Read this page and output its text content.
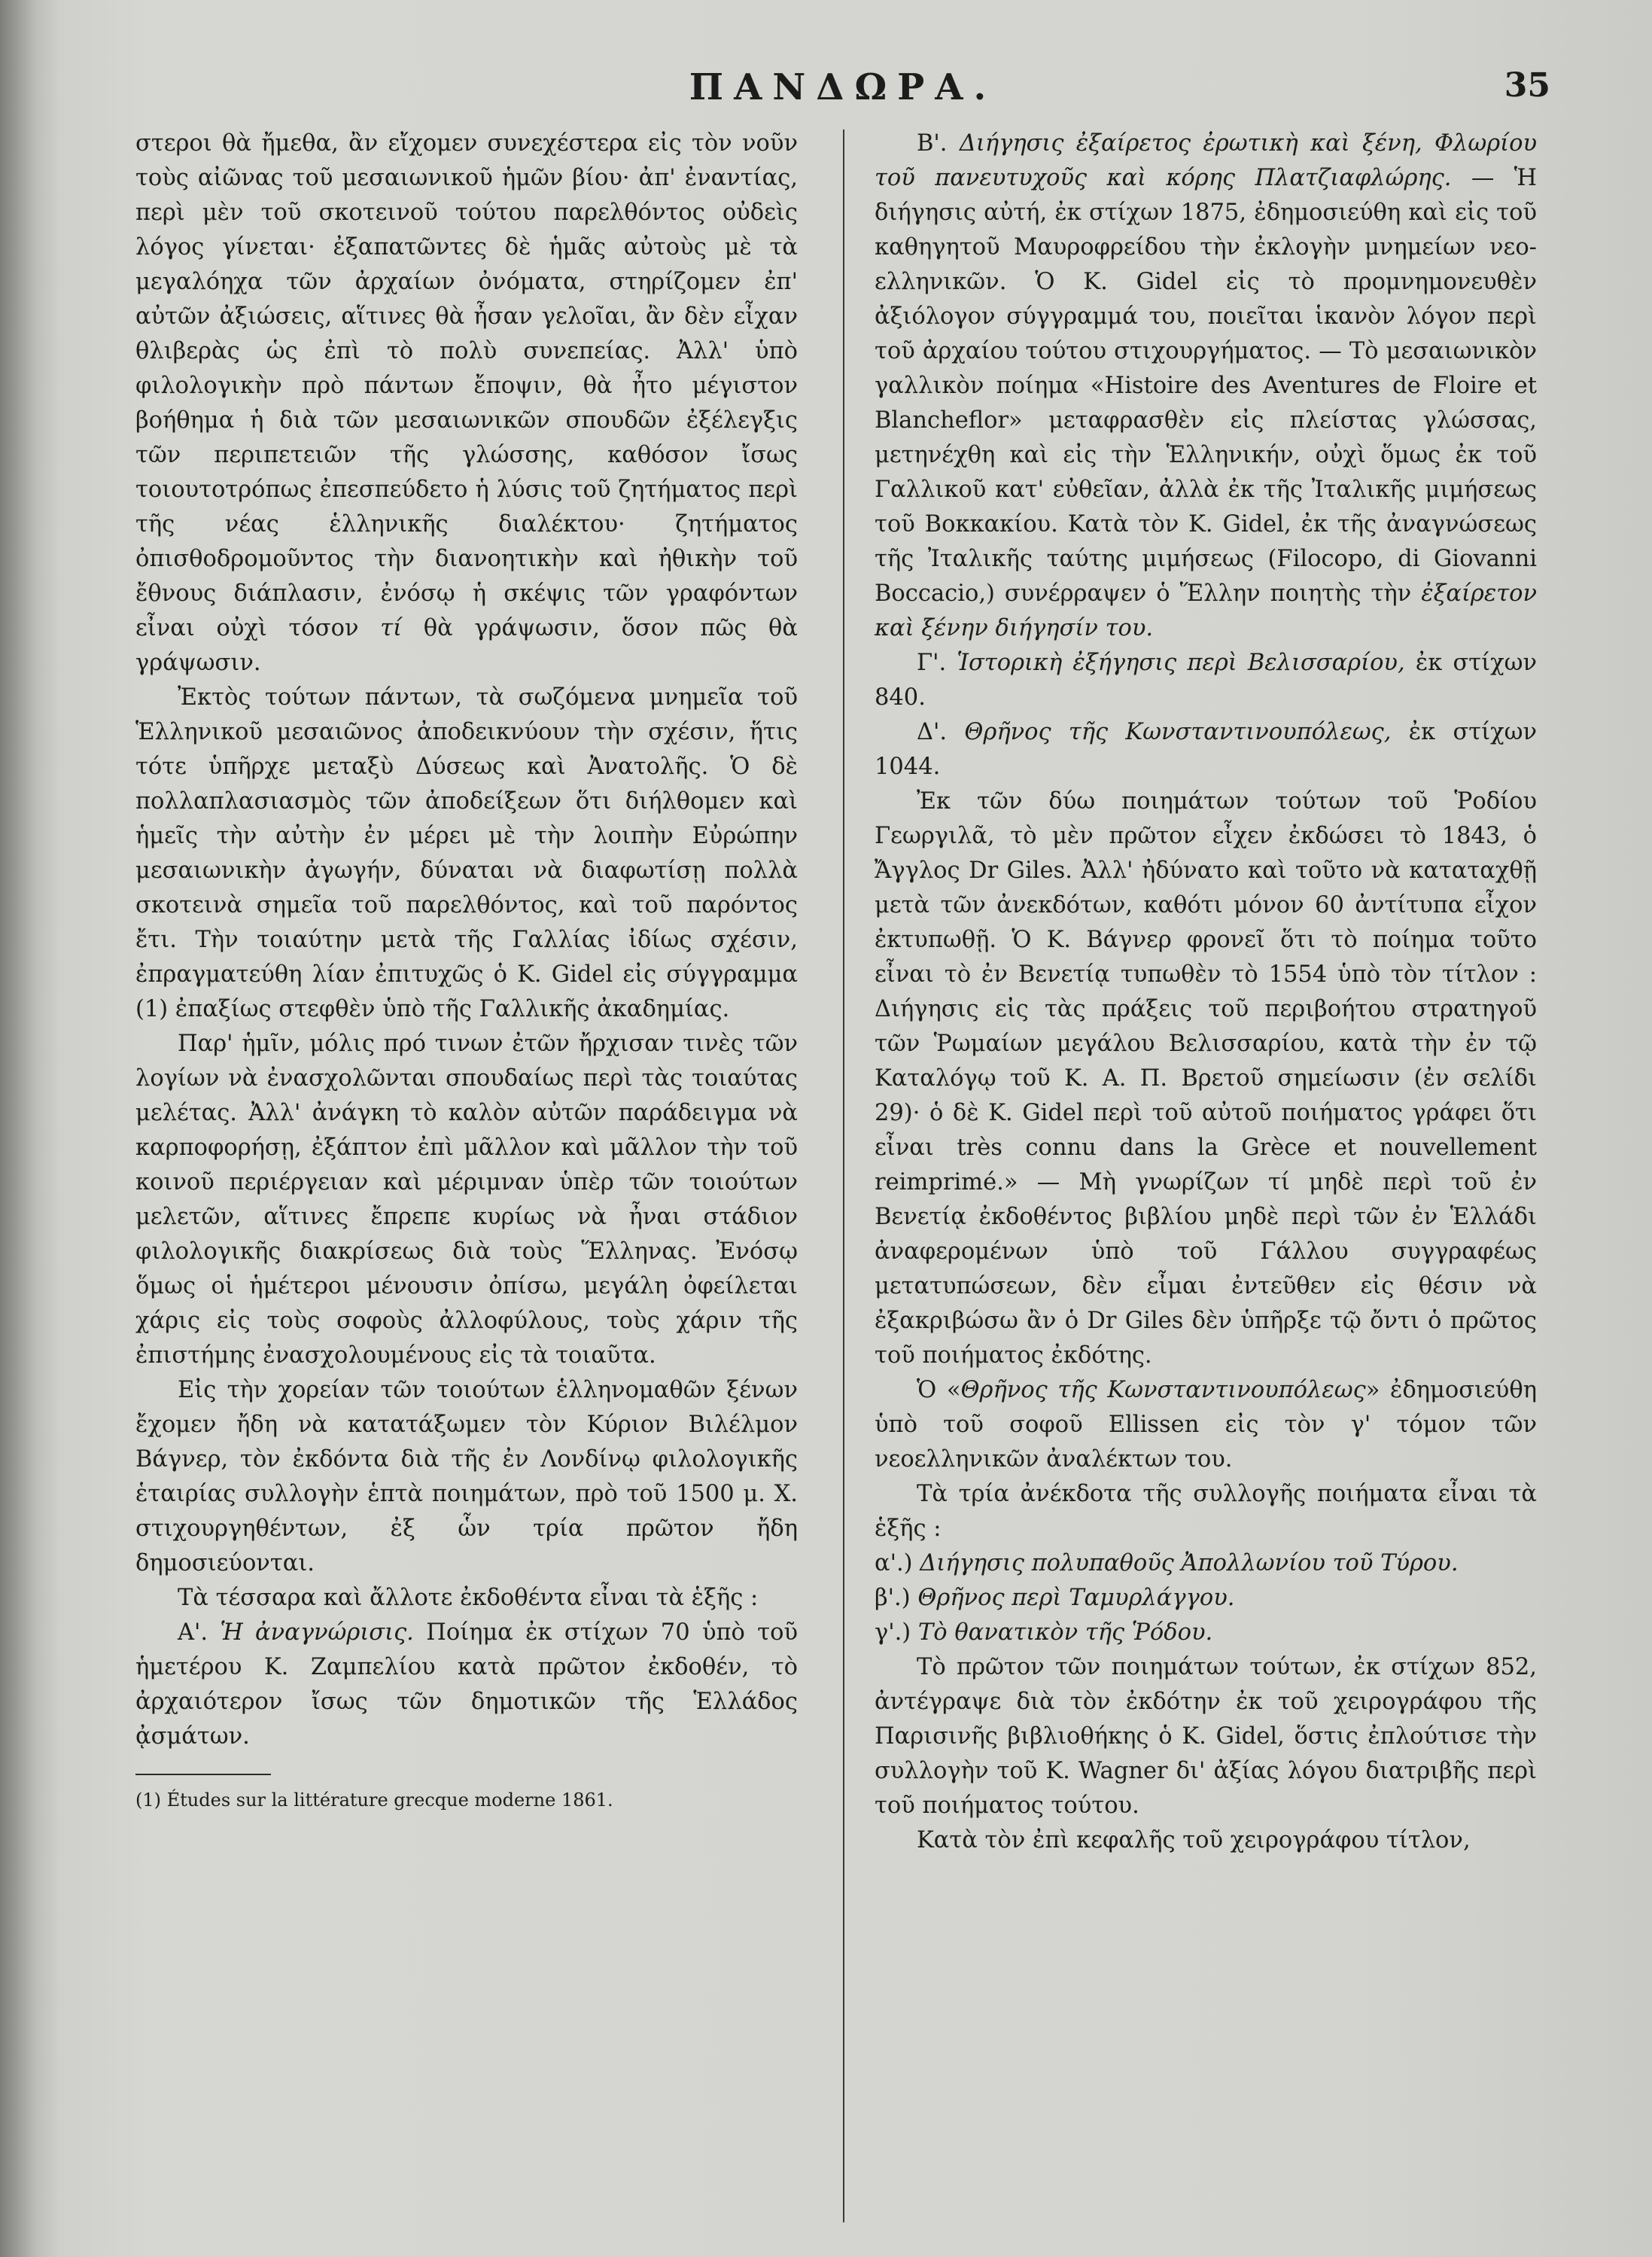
ΠΑΝΔΩΡΑ.	35

στεροι θὰ ἤμεθα, ἂν εἴχομεν συνεχέστερα εἰς τὸν νοῦν τοὺς αἰῶνας τοῦ μεσαιωνικοῦ ἡμῶν βίου· ἀπ' ἐναντίας, περὶ μὲν τοῦ σκοτεινοῦ τούτου παρελθόντος οὐδεὶς λόγος γίνεται· ἐξαπατῶντες δὲ ἡμᾶς αὐτοὺς μὲ τὰ μεγαλόηχα τῶν ἀρχαίων ὀνόματα, στηρίζομεν ἐπ' αὐτῶν ἀξιώσεις, αἵτινες θὰ ἦσαν γελοῖαι, ἂν δὲν εἶχαν θλιβερὰς ὡς ἐπὶ τὸ πολὺ συνεπείας. Ἀλλ' ὑπὸ φιλολογικὴν πρὸ πάντων ἔποψιν, θὰ ἦτο μέγιστον βοήθημα ἡ διὰ τῶν μεσαιωνικῶν σπουδῶν ἐξέλεγξις τῶν περιπετειῶν τῆς γλώσσης, καθόσον ἴσως τοιουτοτρόπως ἐπεσπεύδετο ἡ λύσις τοῦ ζητήματος περὶ τῆς νέας ἑλληνικῆς διαλέκτου· ζητήματος ὀπισθοδρομοῦντος τὴν διανοητικὴν καὶ ἠθικὴν τοῦ ἔθνους διάπλασιν, ἐνόσῳ ἡ σκέψις τῶν γραφόντων εἶναι οὐχὶ τόσον τί θὰ γράψωσιν, ὅσον πῶς θὰ γράψωσιν.

Ἐκτὸς τούτων πάντων, τὰ σωζόμενα μνημεῖα τοῦ Ἑλληνικοῦ μεσαιῶνος ἀποδεικνύουν τὴν σχέσιν, ἥτις τότε ὑπῆρχε μεταξὺ Δύσεως καὶ Ἀνατολῆς. Ὁ δὲ πολλαπλασιασμὸς τῶν ἀποδείξεων ὅτι διήλθομεν καὶ ἡμεῖς τὴν αὐτὴν ἐν μέρει μὲ τὴν λοιπὴν Εὐρώπην μεσαιωνικὴν ἀγωγήν, δύναται νὰ διαφωτίσῃ πολλὰ σκοτεινὰ σημεῖα τοῦ παρελθόντος, καὶ τοῦ παρόντος ἔτι. Τὴν τοιαύτην μετὰ τῆς Γαλλίας ἰδίως σχέσιν, ἐπραγματεύθη λίαν ἐπιτυχῶς ὁ Κ. Gidel εἰς σύγγραμμα (1) ἐπαξίως στεφθὲν ὑπὸ τῆς Γαλλικῆς ἀκαδημίας.

Παρ' ἡμῖν, μόλις πρό τινων ἐτῶν ἤρχισαν τινὲς τῶν λογίων νὰ ἐνασχολῶνται σπουδαίως περὶ τὰς τοιαύτας μελέτας. Ἀλλ' ἀνάγκη τὸ καλὸν αὐτῶν παράδειγμα νὰ καρποφορήσῃ, ἐξάπτον ἐπὶ μᾶλλον καὶ μᾶλλον τὴν τοῦ κοινοῦ περιέργειαν καὶ μέριμναν ὑπὲρ τῶν τοιούτων μελετῶν, αἵτινες ἔπρεπε κυρίως νὰ ἦναι στάδιον φιλολογικῆς διακρίσεως διὰ τοὺς Ἕλληνας. Ἐνόσῳ ὅμως οἱ ἡμέτεροι μένουσιν ὀπίσω, μεγάλη ὀφείλεται χάρις εἰς τοὺς σοφοὺς ἀλλοφύλους, τοὺς χάριν τῆς ἐπιστήμης ἐνασχολουμένους εἰς τὰ τοιαῦτα.

Εἰς τὴν χορείαν τῶν τοιούτων ἑλληνομαθῶν ξένων ἔχομεν ἤδη νὰ κατατάξωμεν τὸν Κύριον Βιλέλμον Βάγνερ, τὸν ἐκδόντα διὰ τῆς ἐν Λονδίνῳ φιλολογικῆς ἑταιρίας συλλογὴν ἑπτὰ ποιημάτων, πρὸ τοῦ 1500 μ. Χ. στιχουργηθέντων, ἐξ ὧν τρία πρῶτον ἤδη δημοσιεύονται.

Τὰ τέσσαρα καὶ ἄλλοτε ἐκδοθέντα εἶναι τὰ ἑξῆς :

Α'. Ἡ ἀναγνώρισις. Ποίημα ἐκ στίχων 70 ὑπὸ τοῦ ἡμετέρου Κ. Ζαμπελίου κατὰ πρῶτον ἐκδοθέν, τὸ ἀρχαιότερον ἴσως τῶν δημοτικῶν τῆς Ἑλλάδος ᾀσμάτων.

(1) Études sur la littérature grecque moderne 1861.

Β'. Διήγησις ἐξαίρετος ἐρωτικὴ καὶ ξένη, Φλωρίου τοῦ πανευτυχοῦς καὶ κόρης Πλατζιαφλώρης. — Ἡ διήγησις αὐτή, ἐκ στίχων 1875, ἐδημοσιεύθη καὶ εἰς τοῦ καθηγητοῦ Μαυροφρείδου τὴν ἐκλογὴν μνημείων νεο-ελληνικῶν. Ὁ Κ. Gidel εἰς τὸ προμνημονευθὲν ἀξιόλογον σύγγραμμά του, ποιεῖται ἱκανὸν λόγον περὶ τοῦ ἀρχαίου τούτου στιχουργήματος. — Τὸ μεσαιωνικὸν γαλλικὸν ποίημα «Histoire des Aventures de Floire et Blancheflor» μεταφρασθὲν εἰς πλείστας γλώσσας, μετηνέχθη καὶ εἰς τὴν Ἑλληνικήν, οὐχὶ ὅμως ἐκ τοῦ Γαλλικοῦ κατ' εὐθεῖαν, ἀλλὰ ἐκ τῆς Ἰταλικῆς μιμήσεως τοῦ Βοκκακίου. Κατὰ τὸν Κ. Gidel, ἐκ τῆς ἀναγνώσεως τῆς Ἰταλικῆς ταύτης μιμήσεως (Filocopo, di Giovanni Boccacio,) συνέρραψεν ὁ Ἕλλην ποιητὴς τὴν ἐξαίρετον καὶ ξένην διήγησίν του.

Γ'. Ἱστορικὴ ἐξήγησις περὶ Βελισσαρίου, ἐκ στίχων 840.

Δ'. Θρῆνος τῆς Κωνσταντινουπόλεως, ἐκ στίχων 1044.

Ἐκ τῶν δύω ποιημάτων τούτων τοῦ Ῥοδίου Γεωργιλᾶ, τὸ μὲν πρῶτον εἶχεν ἐκδώσει τὸ 1843, ὁ Ἄγγλος Dr Giles. Ἀλλ' ἠδύνατο καὶ τοῦτο νὰ καταταχθῇ μετὰ τῶν ἀνεκδότων, καθότι μόνον 60 ἀντίτυπα εἶχον ἐκτυπωθῇ. Ὁ Κ. Βάγνερ φρονεῖ ὅτι τὸ ποίημα τοῦτο εἶναι τὸ ἐν Βενετίᾳ τυπωθὲν τὸ 1554 ὑπὸ τὸν τίτλον : Διήγησις εἰς τὰς πράξεις τοῦ περιβοήτου στρατηγοῦ τῶν Ῥωμαίων μεγάλου Βελισσαρίου, κατὰ τὴν ἐν τῷ Καταλόγῳ τοῦ Κ. Α. Π. Βρετοῦ σημείωσιν (ἐν σελίδι 29)· ὁ δὲ Κ. Gidel περὶ τοῦ αὐτοῦ ποιήματος γράφει ὅτι εἶναι très connu dans la Grèce et nouvellement reimprimé.» — Μὴ γνωρίζων τί μηδὲ περὶ τοῦ ἐν Βενετίᾳ ἐκδοθέντος βιβλίου μηδὲ περὶ τῶν ἐν Ἑλλάδι ἀναφερομένων ὑπὸ τοῦ Γάλλου συγγραφέως μετατυπώσεων, δὲν εἶμαι ἐντεῦθεν εἰς θέσιν νὰ ἐξακριβώσω ἂν ὁ Dr Giles δὲν ὑπῆρξε τῷ ὄντι ὁ πρῶτος τοῦ ποιήματος ἐκδότης.

Ὁ «Θρῆνος τῆς Κωνσταντινουπόλεως» ἐδημοσιεύθη ὑπὸ τοῦ σοφοῦ Ellissen εἰς τὸν γ' τόμον τῶν νεοελληνικῶν ἀναλέκτων του.

Τὰ τρία ἀνέκδοτα τῆς συλλογῆς ποιήματα εἶναι τὰ ἑξῆς :

α'.) Διήγησις πολυπαθοῦς Ἀπολλωνίου τοῦ Τύρου.

β'.) Θρῆνος περὶ Ταμυρλάγγου.

γ'.) Τὸ θανατικὸν τῆς Ῥόδου.

Τὸ πρῶτον τῶν ποιημάτων τούτων, ἐκ στίχων 852, ἀντέγραψε διὰ τὸν ἐκδότην ἐκ τοῦ χειρογράφου τῆς Παρισινῆς βιβλιοθήκης ὁ Κ. Gidel, ὅστις ἐπλούτισε τὴν συλλογὴν τοῦ Κ. Wagner δι' ἀξίας λόγου διατριβῆς περὶ τοῦ ποιήματος τούτου.

Κατὰ τὸν ἐπὶ κεφαλῆς τοῦ χειρογράφου τίτλον,
